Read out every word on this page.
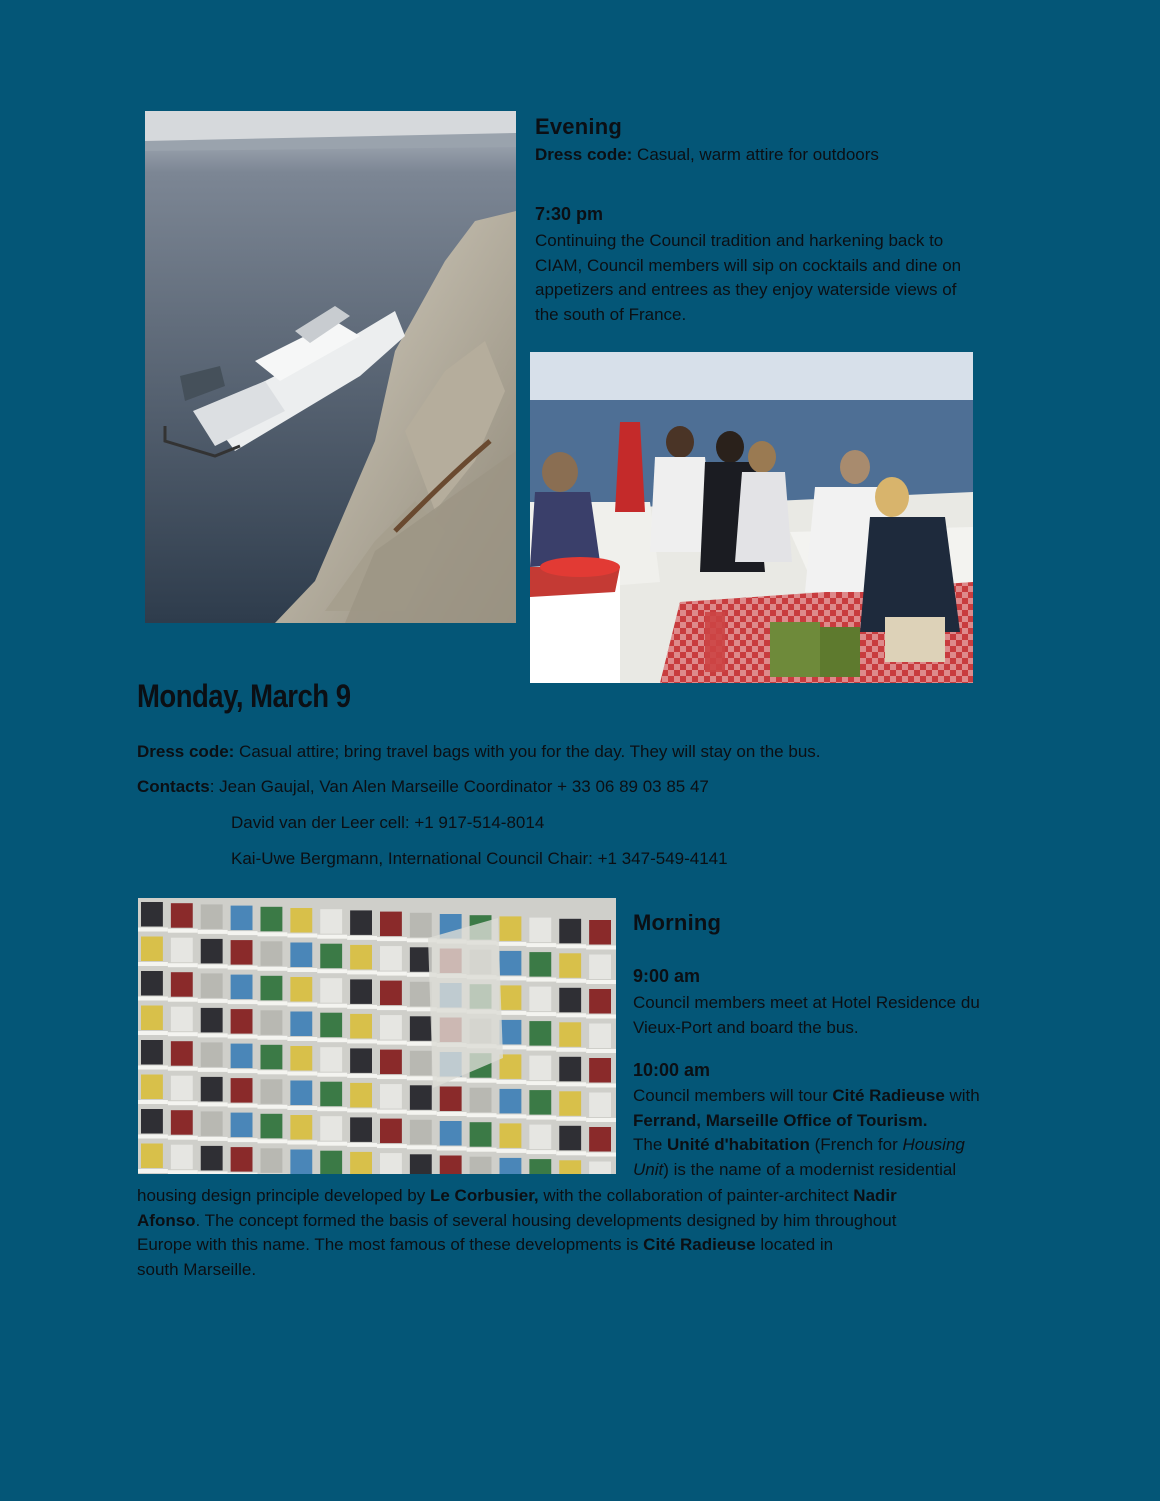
Evening
Dress code: Casual, warm attire for outdoors
7:30 pm
Continuing the Council tradition and harkening back to
CIAM, Council members will sip on cocktails and dine on
appetizers and entrees as they enjoy waterside views of
the south of France.
Monday, March 9
Dress code: Casual attire; bring travel bags with you for the day. They will stay on the bus.
Contacts: Jean Gaujal, Van Alen Marseille Coordinator + 33 06 89 03 85 47
David van der Leer cell: +1 917-514-8014
Kai-Uwe Bergmann, International Council Chair: +1 347-549-4141
Morning
9:00 am
Council members meet at Hotel Residence du
Vieux-Port and board the bus.
10:00 am
Council members will tour Cité Radieuse with
Ferrand, Marseille Office of Tourism.
The Unité d'habitation (French for Housing
Unit) is the name of a modernist residential
housing design principle developed by Le Corbusier, with the collaboration of painter-architect Nadir
Afonso. The concept formed the basis of several housing developments designed by him throughout
Europe with this name. The most famous of these developments is Cité Radieuse located in
south Marseille.
